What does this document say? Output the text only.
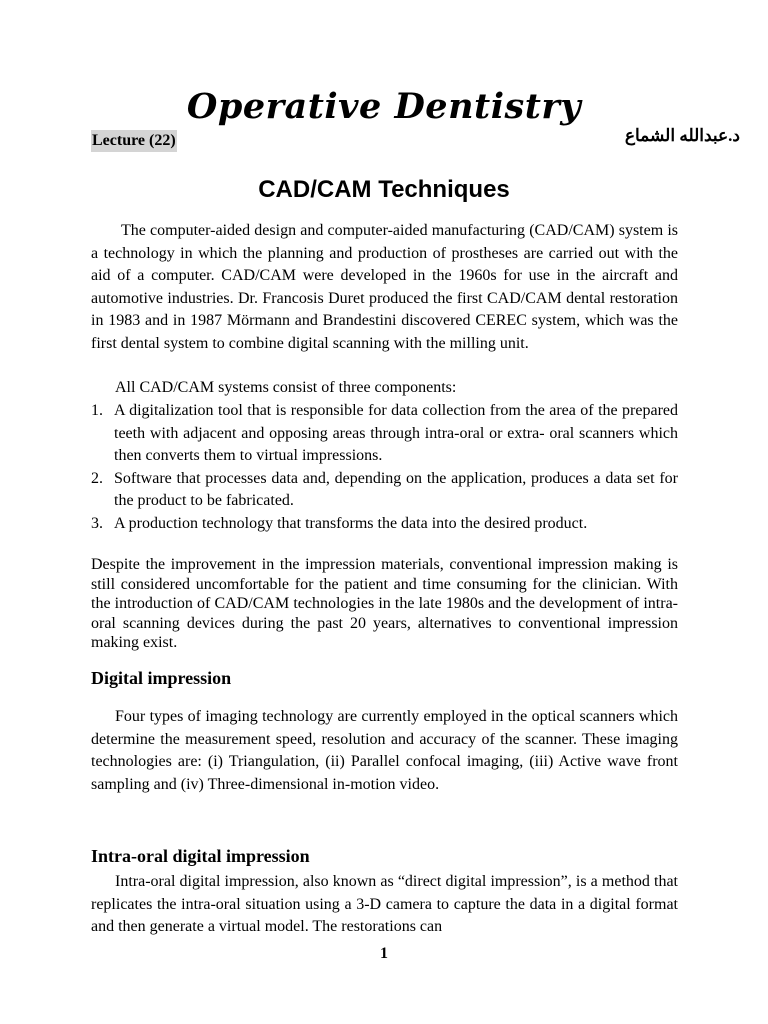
Operative Dentistry
Lecture (22)	د.عبدالله الشماع
CAD/CAM Techniques
The computer-aided design and computer-aided manufacturing (CAD/CAM) system is a technology in which the planning and production of prostheses are carried out with the aid of a computer. CAD/CAM were developed in the 1960s for use in the aircraft and automotive industries. Dr. Francosis Duret produced the first CAD/CAM dental restoration in 1983 and in 1987 Mörmann and Brandestini discovered CEREC system, which was the first dental system to combine digital scanning with the milling unit.
All CAD/CAM systems consist of three components:
1. A digitalization tool that is responsible for data collection from the area of the prepared teeth with adjacent and opposing areas through intra-oral or extra- oral scanners which then converts them to virtual impressions.
2. Software that processes data and, depending on the application, produces a data set for the product to be fabricated.
3. A production technology that transforms the data into the desired product.
Despite the improvement in the impression materials, conventional impression making is still considered uncomfortable for the patient and time consuming for the clinician. With the introduction of CAD/CAM technologies in the late 1980s and the development of intra-oral scanning devices during the past 20 years, alternatives to conventional impression making exist.
Digital impression
Four types of imaging technology are currently employed in the optical scanners which determine the measurement speed, resolution and accuracy of the scanner. These imaging technologies are: (i) Triangulation, (ii) Parallel confocal imaging, (iii) Active wave front sampling and (iv) Three-dimensional in-motion video.
Intra-oral digital impression
Intra-oral digital impression, also known as “direct digital impression”, is a method that replicates the intra-oral situation using a 3-D camera to capture the data in a digital format and then generate a virtual model. The restorations can
1
